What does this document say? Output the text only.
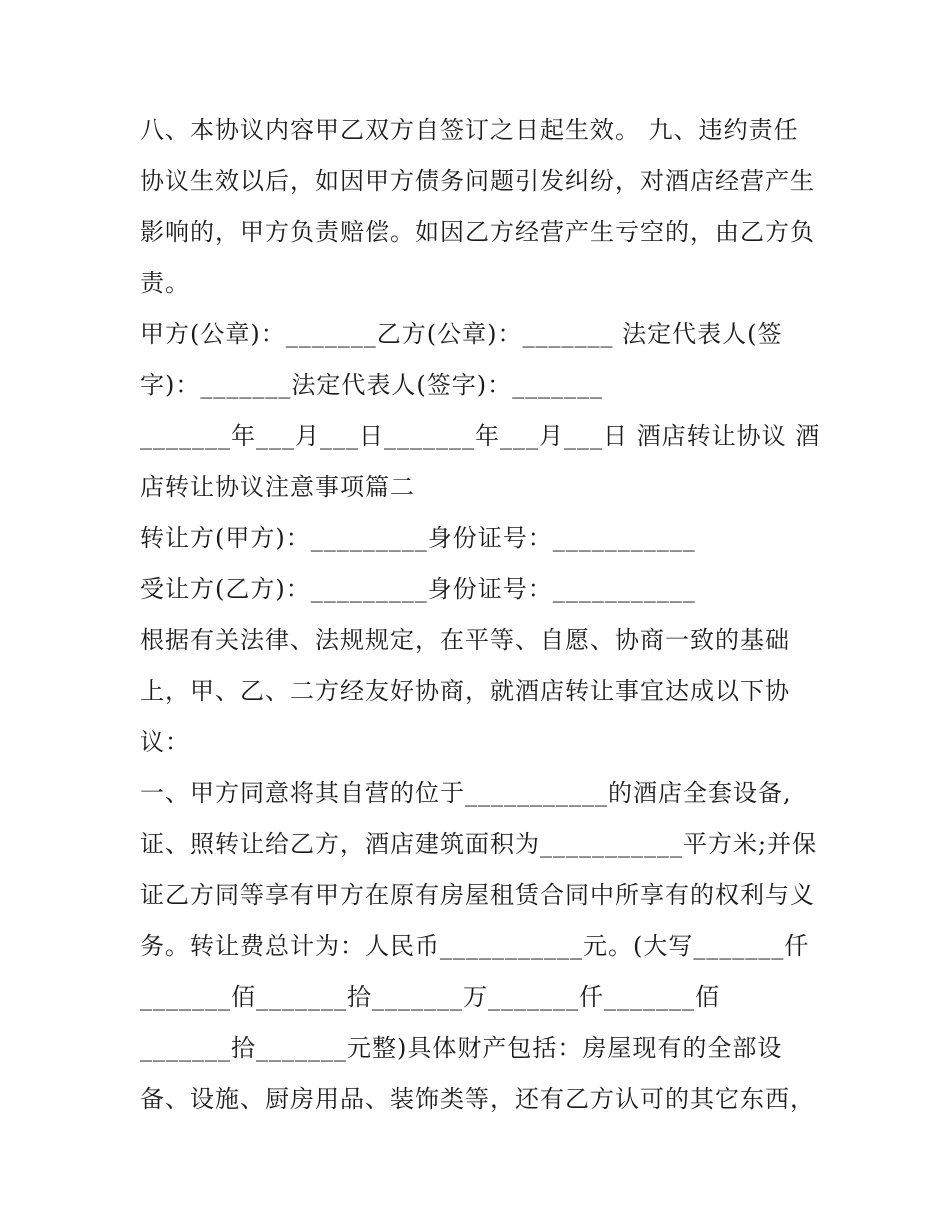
八、本协议内容甲乙双方自签订之日起生效。 九、违约责任
协议生效以后，如因甲方债务问题引发纠纷，对酒店经营产生
影响的，甲方负责赔偿。如因乙方经营产生亏空的，由乙方负
责。
甲方(公章)：_______乙方(公章)：_______ 法定代表人(签
字)：_______法定代表人(签字)：_______
_______年___月___日_______年___月___日 酒店转让协议 酒
店转让协议注意事项篇二
转让方(甲方)：_________身份证号：___________
受让方(乙方)：_________身份证号：___________
根据有关法律、法规规定，在平等、自愿、协商一致的基础
上，甲、乙、二方经友好协商，就酒店转让事宜达成以下协
议：
一、甲方同意将其自营的位于___________的酒店全套设备,
证、照转让给乙方，酒店建筑面积为___________平方米;并保
证乙方同等享有甲方在原有房屋租赁合同中所享有的权利与义
务。转让费总计为：人民币___________元。(大写_______仟
_______佰_______拾_______万_______仟_______佰
_______拾_______元整)具体财产包括：房屋现有的全部设
备、设施、厨房用品、装饰类等，还有乙方认可的其它东西，
